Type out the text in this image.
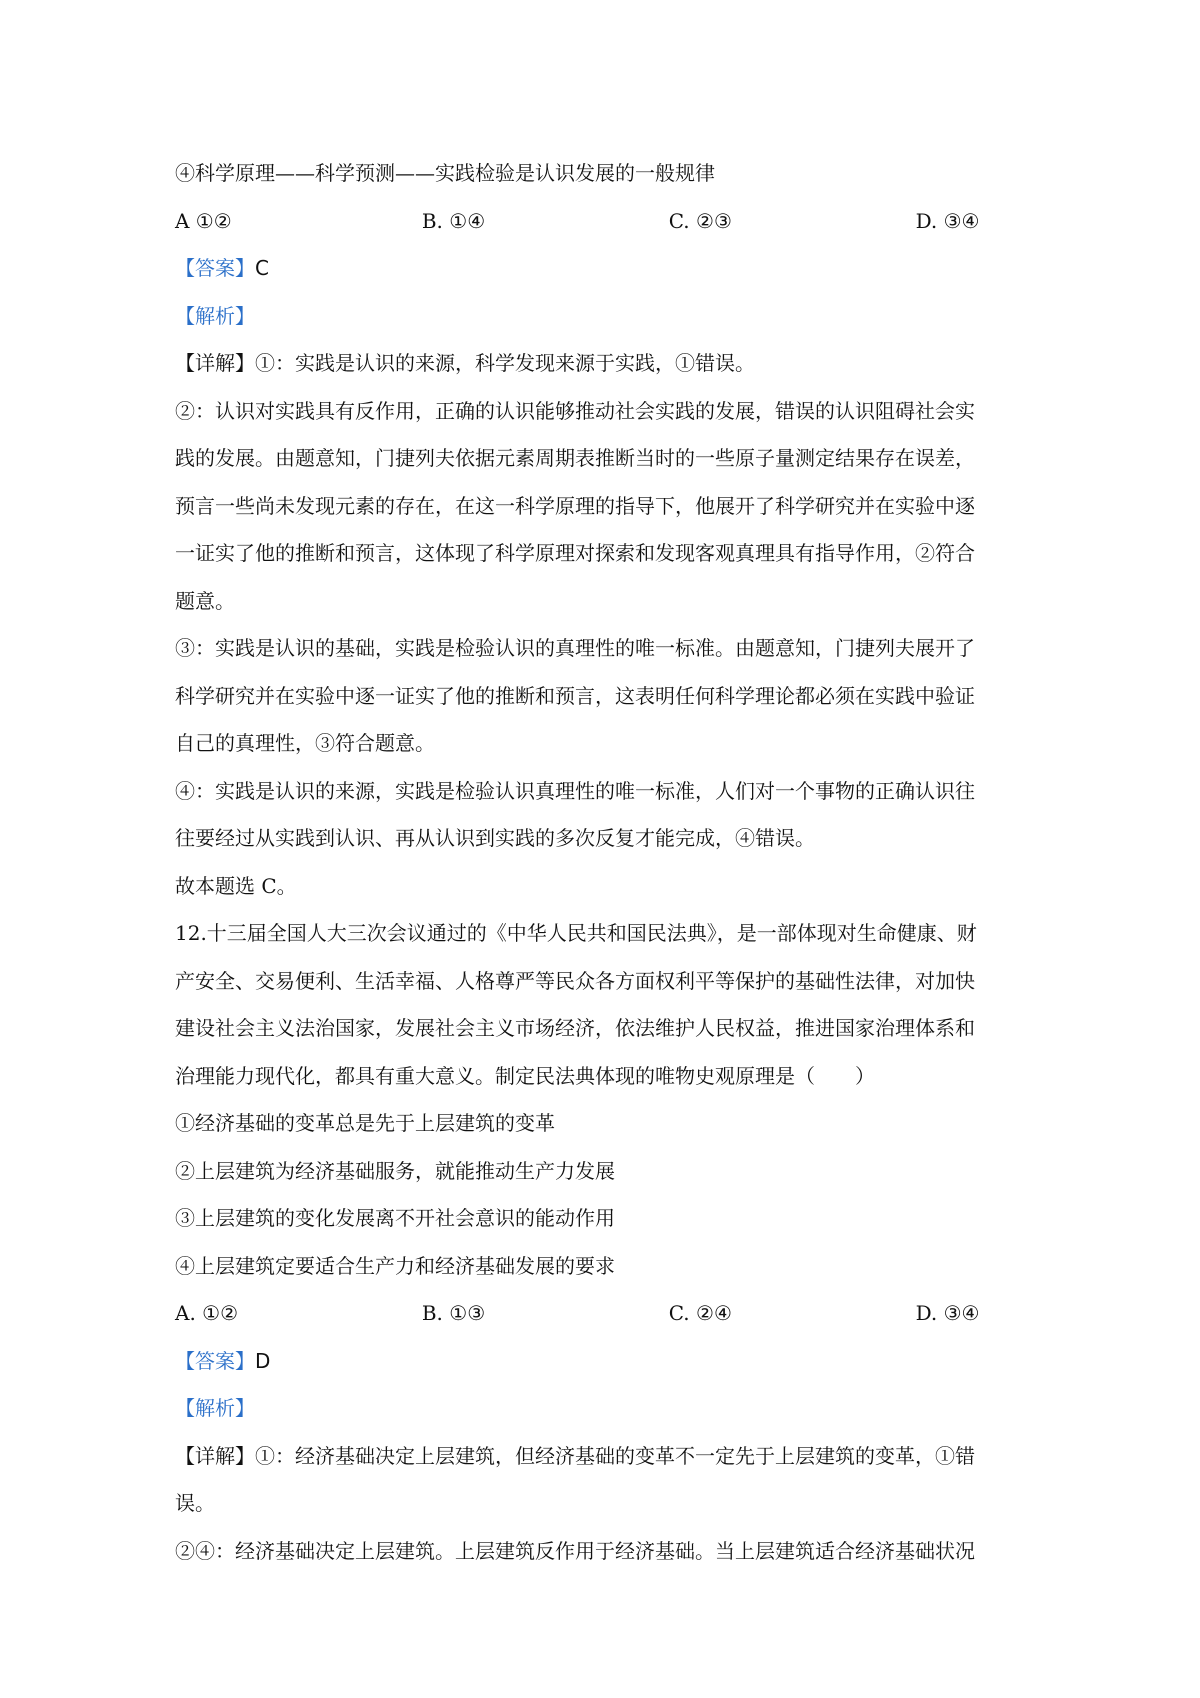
④科学原理——科学预测——实践检验是认识发展的一般规律
A ①②	B. ①④	C. ②③	D. ③④
【答案】C
【解析】
【详解】①：实践是认识的来源，科学发现来源于实践，①错误。
②：认识对实践具有反作用，正确的认识能够推动社会实践的发展，错误的认识阻碍社会实
践的发展。由题意知，门捷列夫依据元素周期表推断当时的一些原子量测定结果存在误差，
预言一些尚未发现元素的存在，在这一科学原理的指导下，他展开了科学研究并在实验中逐
一证实了他的推断和预言，这体现了科学原理对探索和发现客观真理具有指导作用，②符合
题意。
③：实践是认识的基础，实践是检验认识的真理性的唯一标准。由题意知，门捷列夫展开了
科学研究并在实验中逐一证实了他的推断和预言，这表明任何科学理论都必须在实践中验证
自己的真理性，③符合题意。
④：实践是认识的来源，实践是检验认识真理性的唯一标准，人们对一个事物的正确认识往
往要经过从实践到认识、再从认识到实践的多次反复才能完成，④错误。
故本题选 C。
12.十三届全国人大三次会议通过的《中华人民共和国民法典》，是一部体现对生命健康、财
产安全、交易便利、生活幸福、人格尊严等民众各方面权利平等保护的基础性法律，对加快
建设社会主义法治国家，发展社会主义市场经济，依法维护人民权益，推进国家治理体系和
治理能力现代化，都具有重大意义。制定民法典体现的唯物史观原理是（　　）
①经济基础的变革总是先于上层建筑的变革
②上层建筑为经济基础服务，就能推动生产力发展
③上层建筑的变化发展离不开社会意识的能动作用
④上层建筑定要适合生产力和经济基础发展的要求
A. ①②	B. ①③	C. ②④	D. ③④
【答案】D
【解析】
【详解】①：经济基础决定上层建筑，但经济基础的变革不一定先于上层建筑的变革，①错
误。
②④：经济基础决定上层建筑。上层建筑反作用于经济基础。当上层建筑适合经济基础状况
